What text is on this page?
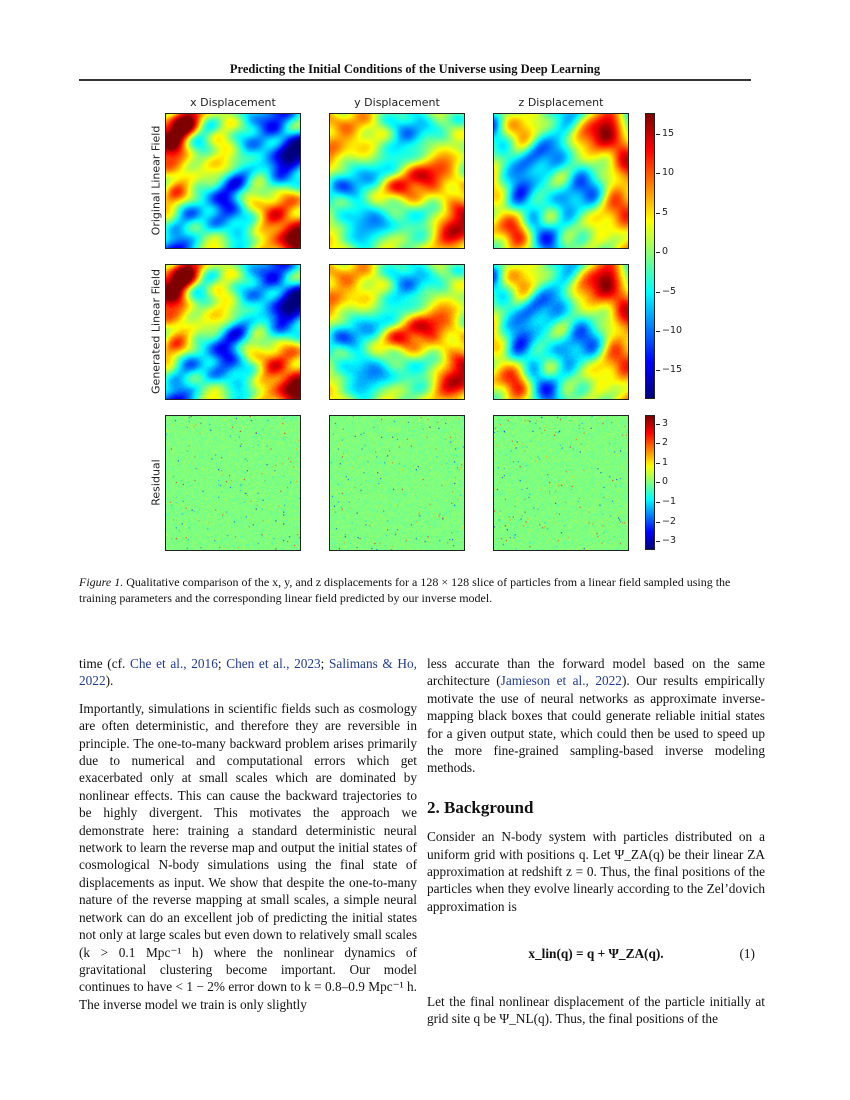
Predicting the Initial Conditions of the Universe using Deep Learning
x Displacement	y Displacement	z Displacement
Original Linear Field
Generated Linear Field
Residual
15
10
5
0
−5
−10
−15
3
2
1
0
−1
−2
−3
Figure 1. Qualitative comparison of the x, y, and z displacements for a 128 × 128 slice of particles from a linear field sampled using the training parameters and the corresponding linear field predicted by our inverse model.

time (cf. Che et al., 2016; Chen et al., 2023; Salimans & Ho, 2022).

Importantly, simulations in scientific fields such as cosmology are often deterministic, and therefore they are reversible in principle. The one-to-many backward problem arises primarily due to numerical and computational errors which get exacerbated only at small scales which are dominated by nonlinear effects. This can cause the backward trajectories to be highly divergent. This motivates the approach we demonstrate here: training a standard deterministic neural network to learn the reverse map and output the initial states of cosmological N-body simulations using the final state of displacements as input. We show that despite the one-to-many nature of the reverse mapping at small scales, a simple neural network can do an excellent job of predicting the initial states not only at large scales but even down to relatively small scales (k > 0.1 Mpc⁻¹ h) where the nonlinear dynamics of gravitational clustering become important. Our model continues to have < 1 − 2% error down to k = 0.8–0.9 Mpc⁻¹ h. The inverse model we train is only slightly

less accurate than the forward model based on the same architecture (Jamieson et al., 2022). Our results empirically motivate the use of neural networks as approximate inverse-mapping black boxes that could generate reliable initial states for a given output state, which could then be used to speed up the more fine-grained sampling-based inverse modeling methods.

2. Background

Consider an N-body system with particles distributed on a uniform grid with positions q. Let Ψ_ZA(q) be their linear ZA approximation at redshift z = 0. Thus, the final positions of the particles when they evolve linearly according to the Zel’dovich approximation is

x_lin(q) = q + Ψ_ZA(q).	(1)

Let the final nonlinear displacement of the particle initially at grid site q be Ψ_NL(q). Thus, the final positions of the
